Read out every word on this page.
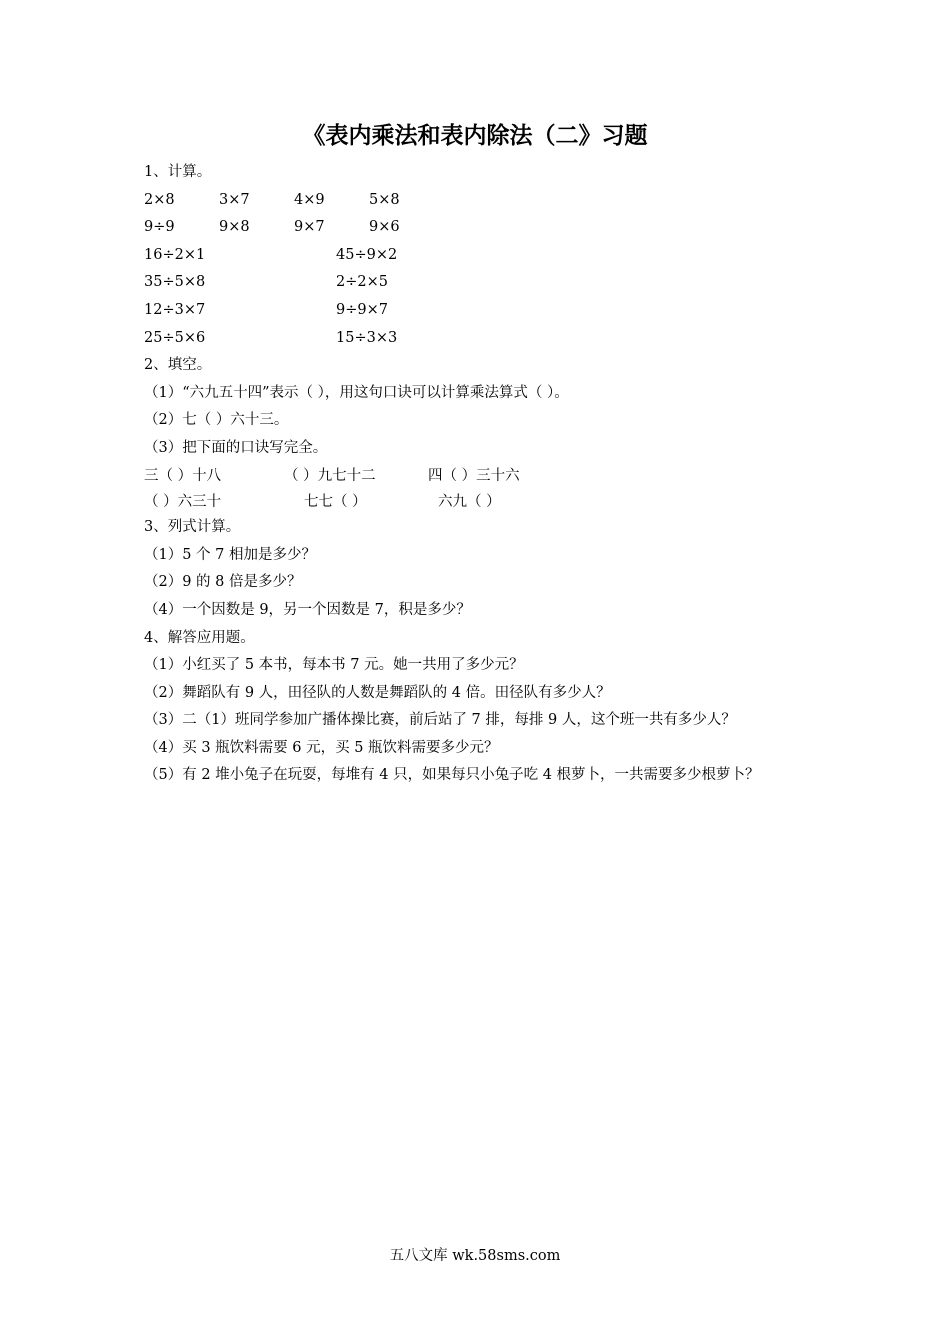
《表内乘法和表内除法（二》习题
1、计算。
2×8	3×7	4×9	5×8
9÷9	9×8	9×7	9×6
16÷2×1	45÷9×2
35÷5×8	2÷2×5
12÷3×7	9÷9×7
25÷5×6	15÷3×3
2、填空。
（1）“六九五十四”表示（ ），用这句口诀可以计算乘法算式（ ）。
（2）七（ ）六十三。
（3）把下面的口诀写完全。
三（ ）十八	（ ）九七十二	四（ ）三十六
（ ）六三十	七七（ ）	六九（ ）
3、列式计算。
（1）5 个 7 相加是多少？
（2）9 的 8 倍是多少？
（4）一个因数是 9，另一个因数是 7，积是多少？
4、解答应用题。
（1）小红买了 5 本书，每本书 7 元。她一共用了多少元？
（2）舞蹈队有 9 人，田径队的人数是舞蹈队的 4 倍。田径队有多少人？
（3）二（1）班同学参加广播体操比赛，前后站了 7 排，每排 9 人，这个班一共有多少人？
（4）买 3 瓶饮料需要 6 元，买 5 瓶饮料需要多少元？
（5）有 2 堆小兔子在玩耍，每堆有 4 只，如果每只小兔子吃 4 根萝卜，一共需要多少根萝卜？
五八文库 wk.58sms.com
